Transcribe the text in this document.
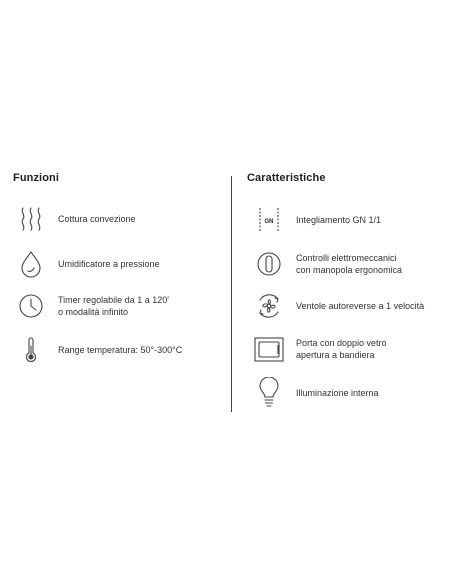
Funzioni
Cottura convezione
Umidificatore a pressione
Timer regolabile da 1 a 120'
o modalità infinito
Range temperatura: 50°-300°C
Caratteristiche
GN	Integliamento GN 1/1
Controlli elettromeccanici
con manopola ergonomica
Ventole autoreverse a 1 velocità
Porta con doppio vetro
apertura a bandiera
Illuminazione interna
